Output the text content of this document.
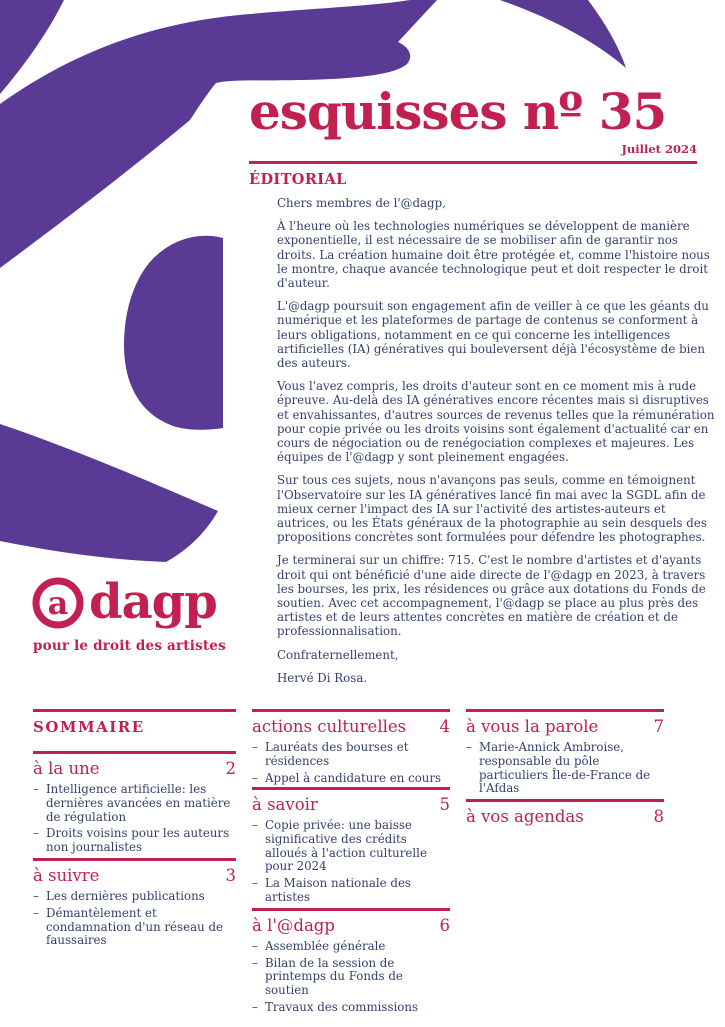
esquisses nº 35
Juillet 2024
ÉDITORIAL

Chers membres de l'@dagp,

À l'heure où les technologies numériques se développent de manière exponentielle, il est nécessaire de se mobiliser afin de garantir nos droits. La création humaine doit être protégée et, comme l'histoire nous le montre, chaque avancée technologique peut et doit respecter le droit d'auteur.

L'@dagp poursuit son engagement afin de veiller à ce que les géants du numérique et les plateformes de partage de contenus se conforment à leurs obligations, notamment en ce qui concerne les intelligences artificielles (IA) génératives qui bouleversent déjà l'écosystème de bien des auteurs.

Vous l'avez compris, les droits d'auteur sont en ce moment mis à rude épreuve. Au-delà des IA génératives encore récentes mais si disruptives et envahissantes, d'autres sources de revenus telles que la rémunération pour copie privée ou les droits voisins sont également d'actualité car en cours de négociation ou de renégociation complexes et majeures. Les équipes de l'@dagp y sont pleinement engagées.

Sur tous ces sujets, nous n'avançons pas seuls, comme en témoignent l'Observatoire sur les IA génératives lancé fin mai avec la SGDL afin de mieux cerner l'impact des IA sur l'activité des artistes-auteurs et autrices, ou les États généraux de la photographie au sein desquels des propositions concrètes sont formulées pour défendre les photographes.

Je terminerai sur un chiffre: 715. C'est le nombre d'artistes et d'ayants droit qui ont bénéficié d'une aide directe de l'@dagp en 2023, à travers les bourses, les prix, les résidences ou grâce aux dotations du Fonds de soutien. Avec cet accompagnement, l'@dagp se place au plus près des artistes et de leurs attentes concrètes en matière de création et de professionnalisation.

Confraternellement,

Hervé Di Rosa.

a dagp
pour le droit des artistes
SOMMAIRE
à la une	2
– Intelligence artificielle: les dernières avancées en matière de régulation
– Droits voisins pour les auteurs non journalistes
à suivre	3
– Les dernières publications
– Démantèlement et condamnation d'un réseau de faussaires
actions culturelles 4
– Lauréats des bourses et résidences
– Appel à candidature en cours
à savoir	5
– Copie privée: une baisse significative des crédits alloués à l'action culturelle pour 2024
– La Maison nationale des artistes
à l'@dagp	6
– Assemblée générale
– Bilan de la session de printemps du Fonds de soutien
– Travaux des commissions
à vous la parole	7
– Marie-Annick Ambroise, responsable du pôle particuliers Île-de-France de l'Afdas
à vos agendas	8
